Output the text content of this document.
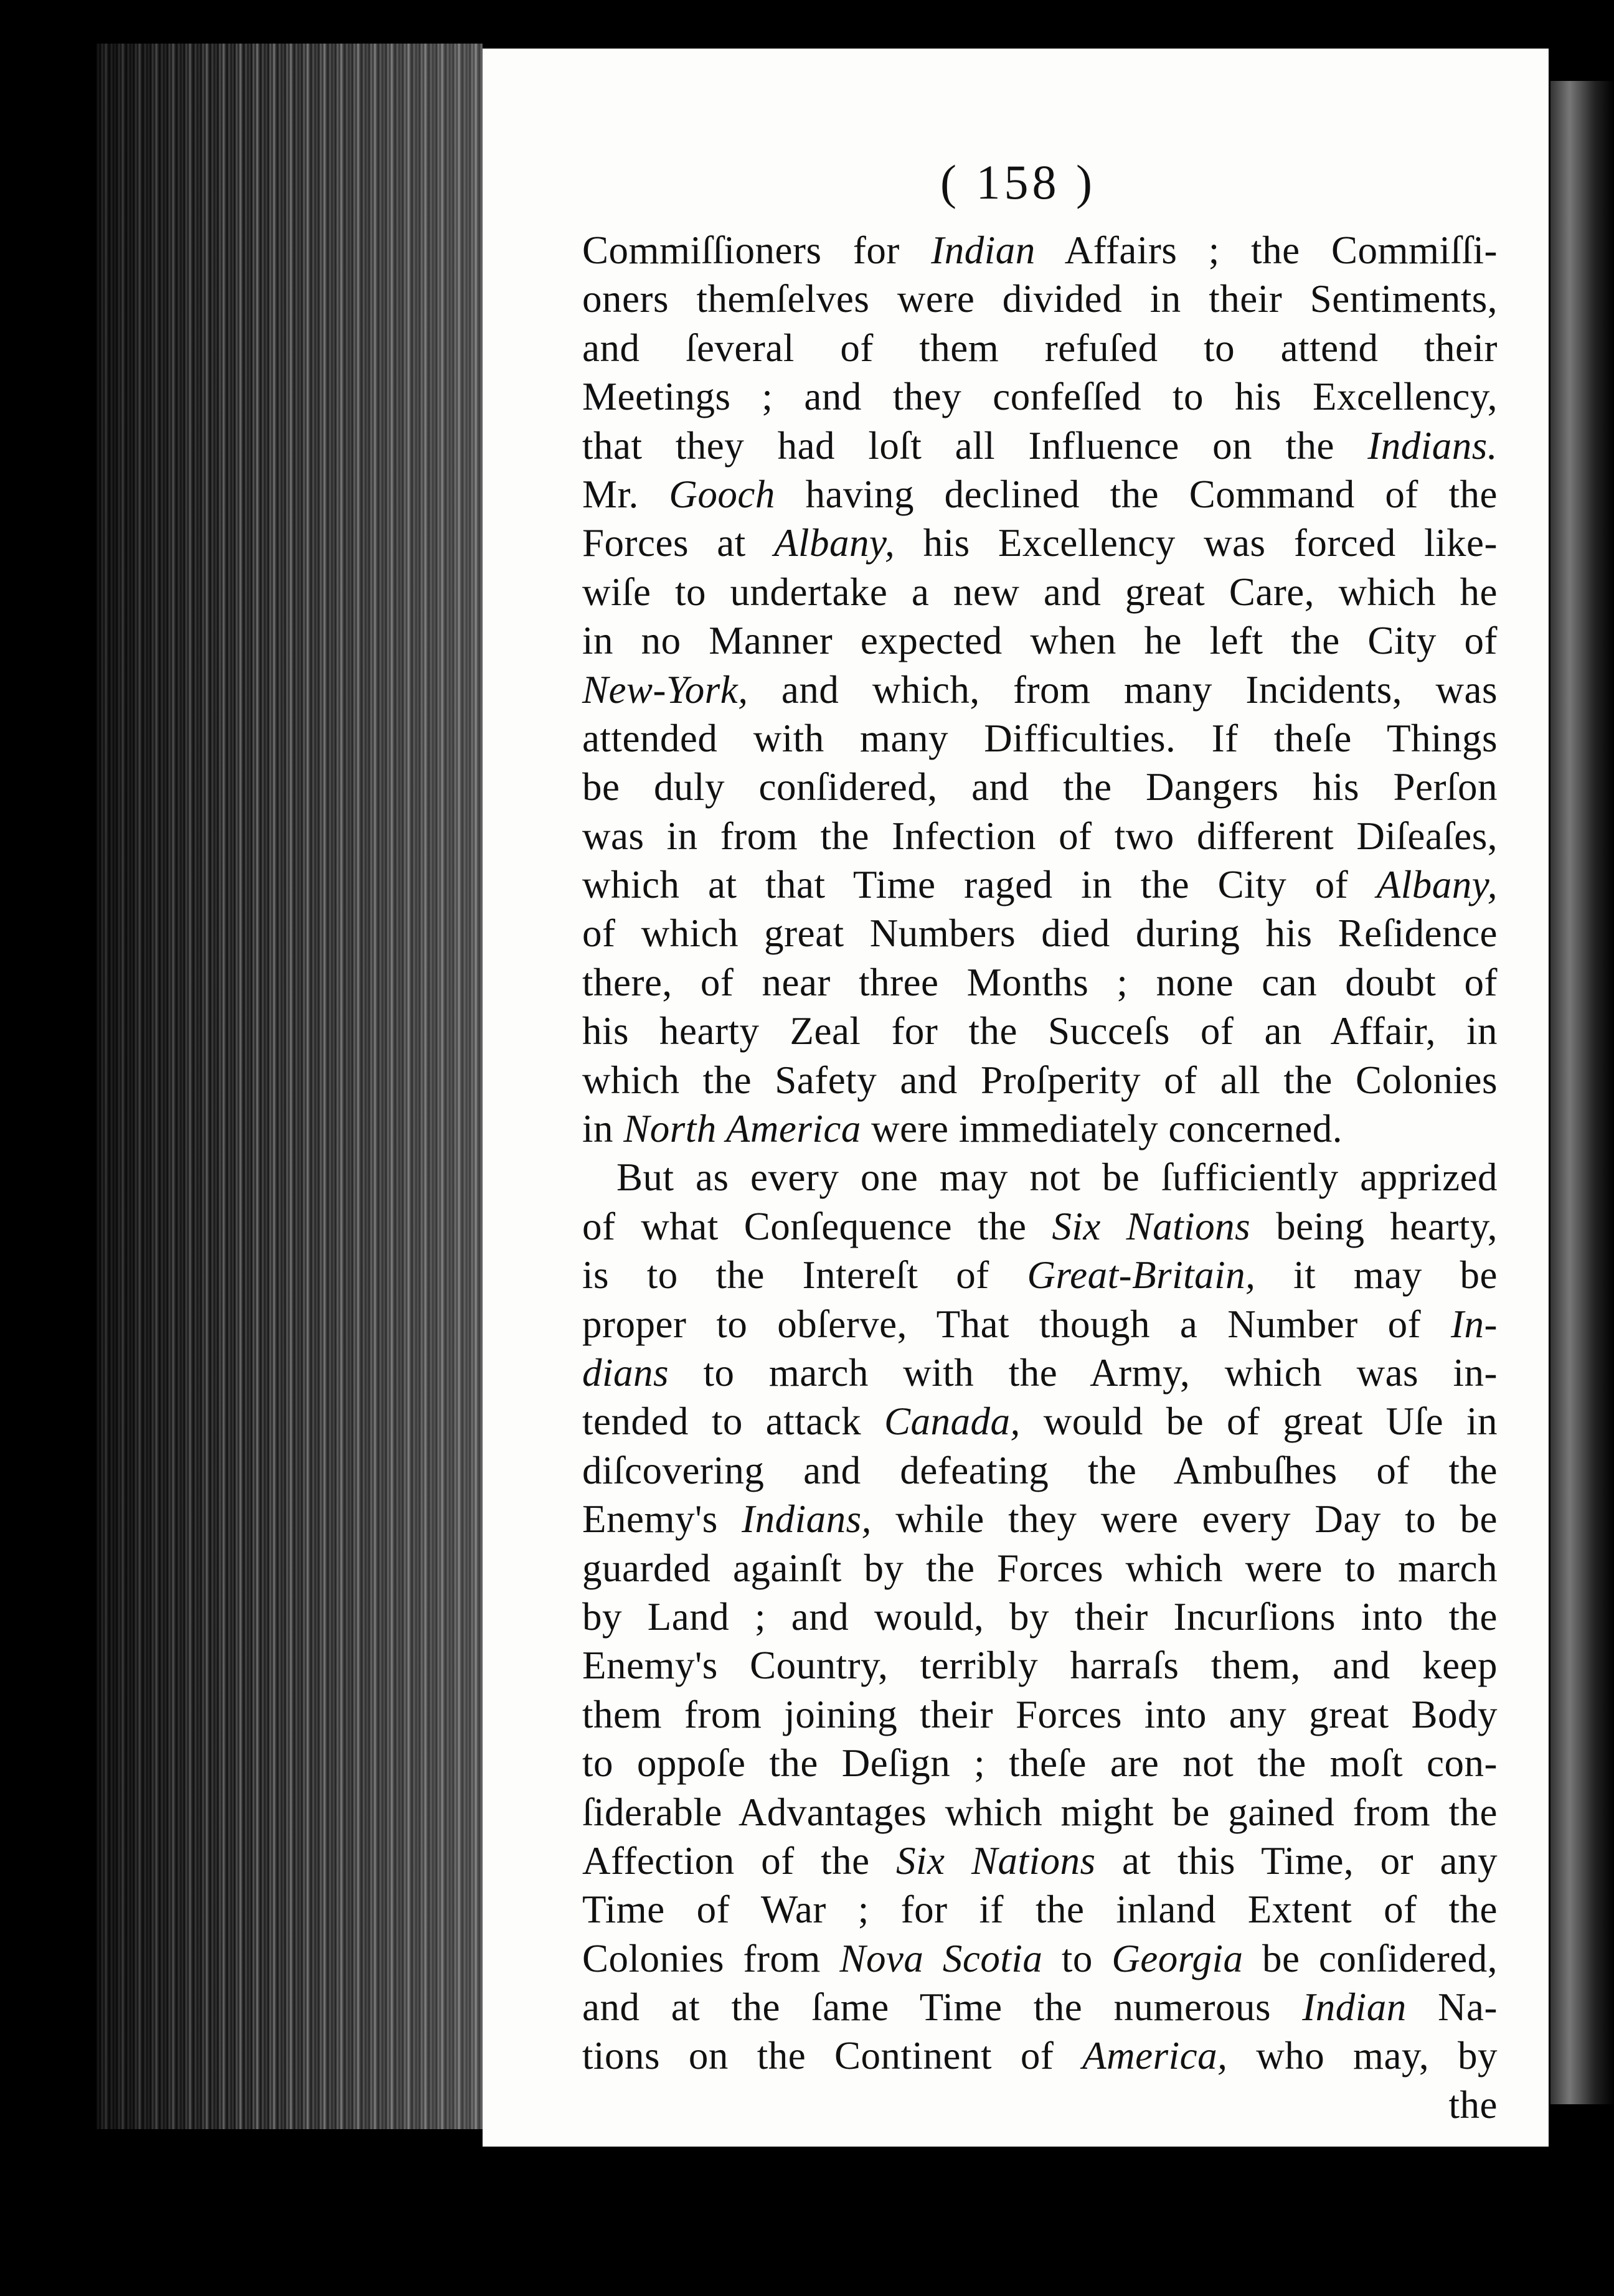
( 158 )
Commiſſioners for Indian Affairs ; the Commiſſi-
oners themſelves were divided in their Sentiments,
and ſeveral of them refuſed to attend their
Meetings ; and they confeſſed to his Excellency,
that they had loſt all Influence on the Indians.
Mr. Gooch having declined the Command of the
Forces at Albany, his Excellency was forced like-
wiſe to undertake a new and great Care, which he
in no Manner expected when he left the City of
New-York, and which, from many Incidents, was
attended with many Difficulties. If theſe Things
be duly conſidered, and the Dangers his Perſon
was in from the Infection of two different Diſeaſes,
which at that Time raged in the City of Albany,
of which great Numbers died during his Reſidence
there, of near three Months ; none can doubt of
his hearty Zeal for the Succeſs of an Affair, in
which the Safety and Proſperity of all the Colonies
in North America were immediately concerned.
But as every one may not be ſufficiently apprized
of what Conſequence the Six Nations being hearty,
is to the Intereſt of Great-Britain, it may be
proper to obſerve, That though a Number of In-
dians to march with the Army, which was in-
tended to attack Canada, would be of great Uſe in
diſcovering and defeating the Ambuſhes of the
Enemy's Indians, while they were every Day to be
guarded againſt by the Forces which were to march
by Land ; and would, by their Incurſions into the
Enemy's Country, terribly harraſs them, and keep
them from joining their Forces into any great Body
to oppoſe the Deſign ; theſe are not the moſt con-
ſiderable Advantages which might be gained from the
Affection of the Six Nations at this Time, or any
Time of War ; for if the inland Extent of the
Colonies from Nova Scotia to Georgia be conſidered,
and at the ſame Time the numerous Indian Na-
tions on the Continent of America, who may, by
the
